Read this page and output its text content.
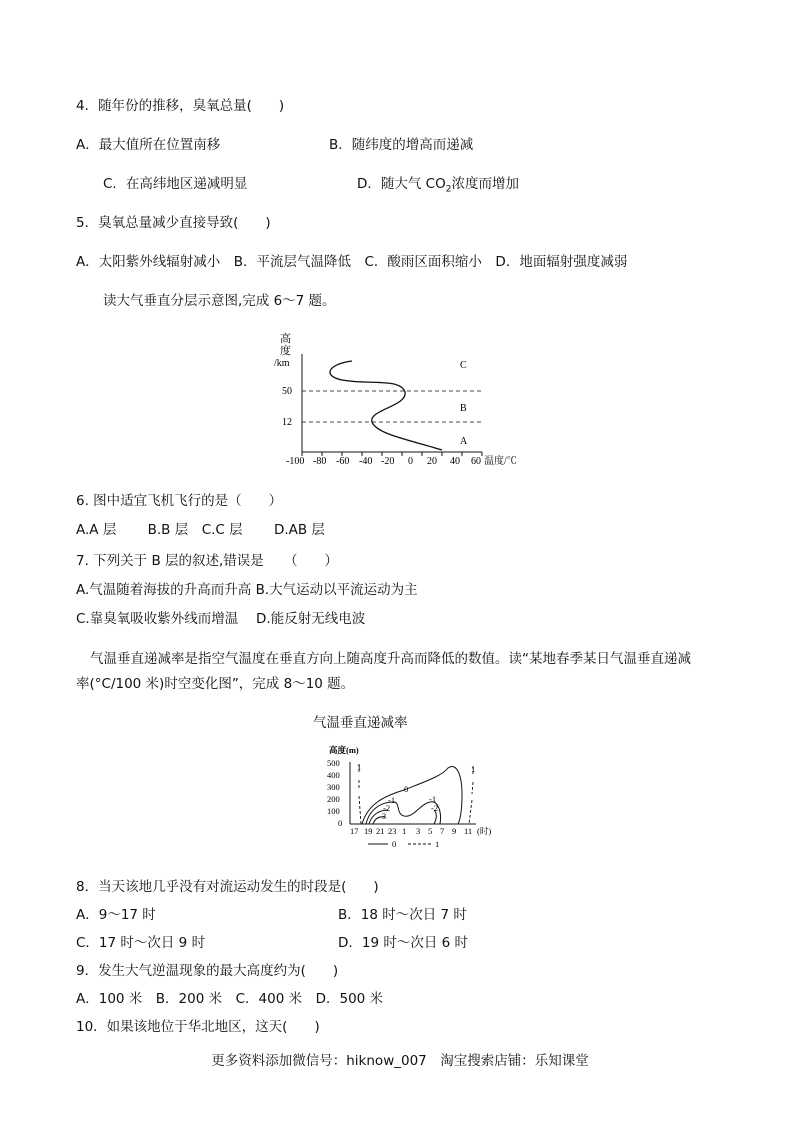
4．随年份的推移，臭氧总量(　　)
A．最大值所在位置南移	B．随纬度的增高而递减
C．在高纬地区递减明显	D．随大气 $CO_2$浓度而增加
5．臭氧总量减少直接导致(　　)
A．太阳紫外线辐射减小　B．平流层气温降低　C．酸雨区面积缩小　D．地面辐射强度减弱
读大气垂直分层示意图,完成 6～7 题。
高
度
/km
50
12
C
B
A
-100 -80 -60 -40 -20 0 20 40 60 温度/℃
6. 图中适宜飞机飞行的是（　　）
A.A 层　　 B.B 层　C.C 层　　 D.AB 层
7. 下列关于 B 层的叙述,错误是　　（　　）
A.气温随着海拔的升高而升高 B.大气运动以平流运动为主
C.靠臭氧吸收紫外线而增温　 D.能反射无线电波
气温垂直递减率是指空气温度在垂直方向上随高度升高而降低的数值。读“某地春季某日气温垂直递减
率(°C/100 米)时空变化图”，完成 8～10 题。
气温垂直递减率
高度(m)
500
400
300
200
100
0
0
-1
-2
-3
-1
-2
1	1
17 19 21 23 1 3 5 7 9 11 (时)
0	1
8．当天该地几乎没有对流运动发生的时段是(　　)
A．9～17 时	B．18 时～次日 7 时
C．17 时～次日 9 时	D．19 时～次日 6 时
9．发生大气逆温现象的最大高度约为(　　)
A．100 米　B．200 米　C．400 米　D．500 米
10．如果该地位于华北地区，这天(　　)
更多资料添加微信号：hiknow_007　淘宝搜索店铺：乐知课堂
